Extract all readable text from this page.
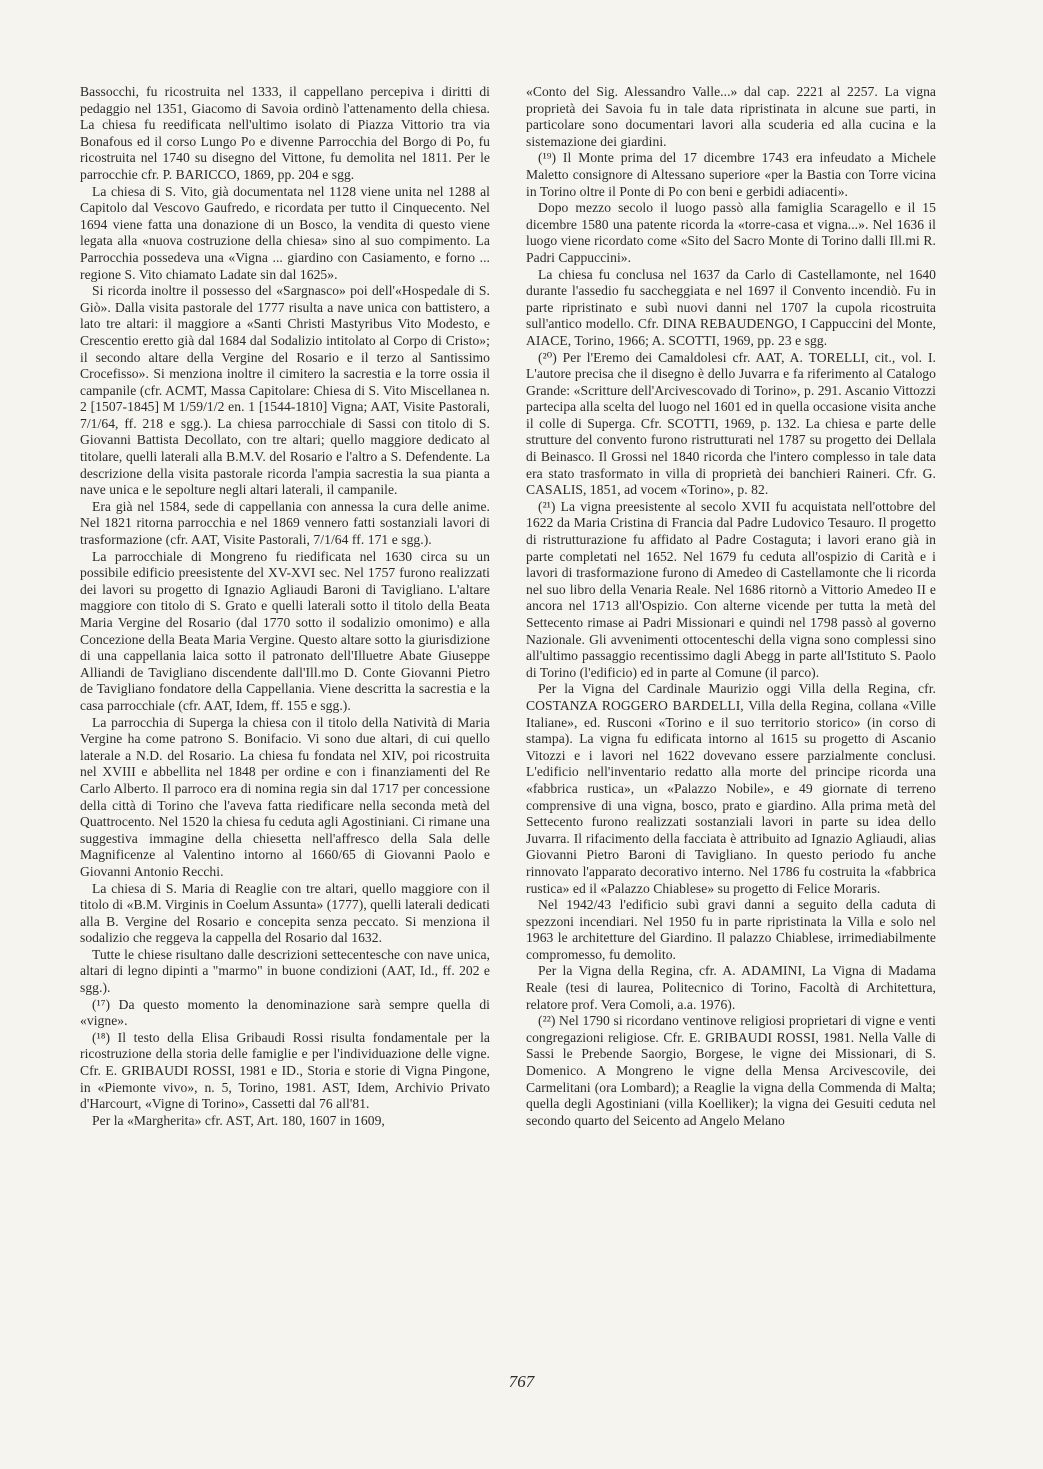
Bassocchi, fu ricostruita nel 1333, il cappellano percepiva i diritti di pedaggio nel 1351, Giacomo di Savoia ordinò l'attenamento della chiesa. La chiesa fu reedificata nell'ultimo isolato di Piazza Vittorio tra via Bonafous ed il corso Lungo Po e divenne Parrocchia del Borgo di Po, fu ricostruita nel 1740 su disegno del Vittone, fu demolita nel 1811. Per le parrocchie cfr. P. BARICCO, 1869, pp. 204 e sgg.

La chiesa di S. Vito, già documentata nel 1128 viene unita nel 1288 al Capitolo dal Vescovo Gaufredo, e ricordata per tutto il Cinquecento. Nel 1694 viene fatta una donazione di un Bosco, la vendita di questo viene legata alla «nuova costruzione della chiesa» sino al suo compimento. La Parrocchia possedeva una «Vigna ... giardino con Casiamento, e forno ... regione S. Vito chiamato Ladate sin dal 1625».

Si ricorda inoltre il possesso del «Sargnasco» poi dell'«Hospedale di S. Giò». Dalla visita pastorale del 1777 risulta a nave unica con battistero, a lato tre altari: il maggiore a «Santi Christi Mastyribus Vito Modesto, e Crescentio eretto già dal 1684 dal Sodalizio intitolato al Corpo di Cristo»; il secondo altare della Vergine del Rosario e il terzo al Santissimo Crocefisso». Si menziona inoltre il cimitero la sacrestia e la torre ossia il campanile (cfr. ACMT, Massa Capitolare: Chiesa di S. Vito Miscellanea n. 2 [1507-1845] M 1/59/1/2 en. 1 [1544-1810] Vigna; AAT, Visite Pastorali, 7/1/64, ff. 218 e sgg.). La chiesa parrocchiale di Sassi con titolo di S. Giovanni Battista Decollato, con tre altari; quello maggiore dedicato al titolare, quelli laterali alla B.M.V. del Rosario e l'altro a S. Defendente. La descrizione della visita pastorale ricorda l'ampia sacrestia la sua pianta a nave unica e le sepolture negli altari laterali, il campanile.

Era già nel 1584, sede di cappellania con annessa la cura delle anime. Nel 1821 ritorna parrocchia e nel 1869 vennero fatti sostanziali lavori di trasformazione (cfr. AAT, Visite Pastorali, 7/1/64 ff. 171 e sgg.).

La parrocchiale di Mongreno fu riedificata nel 1630 circa su un possibile edificio preesistente del XV-XVI sec. Nel 1757 furono realizzati dei lavori su progetto di Ignazio Agliaudi Baroni di Tavigliano. L'altare maggiore con titolo di S. Grato e quelli laterali sotto il titolo della Beata Maria Vergine del Rosario (dal 1770 sotto il sodalizio omonimo) e alla Concezione della Beata Maria Vergine. Questo altare sotto la giurisdizione di una cappellania laica sotto il patronato dell'Illuetre Abate Giuseppe Alliandi de Tavigliano discendente dall'Ill.mo D. Conte Giovanni Pietro de Tavigliano fondatore della Cappellania. Viene descritta la sacrestia e la casa parrocchiale (cfr. AAT, Idem, ff. 155 e sgg.).

La parrocchia di Superga la chiesa con il titolo della Natività di Maria Vergine ha come patrono S. Bonifacio. Vi sono due altari, di cui quello laterale a N.D. del Rosario. La chiesa fu fondata nel XIV, poi ricostruita nel XVIII e abbellita nel 1848 per ordine e con i finanziamenti del Re Carlo Alberto. Il parroco era di nomina regia sin dal 1717 per concessione della città di Torino che l'aveva fatta riedificare nella seconda metà del Quattrocento. Nel 1520 la chiesa fu ceduta agli Agostiniani. Ci rimane una suggestiva immagine della chiesetta nell'affresco della Sala delle Magnificenze al Valentino intorno al 1660/65 di Giovanni Paolo e Giovanni Antonio Recchi.

La chiesa di S. Maria di Reaglie con tre altari, quello maggiore con il titolo di «B.M. Virginis in Coelum Assunta» (1777), quelli laterali dedicati alla B. Vergine del Rosario e concepita senza peccato. Si menziona il sodalizio che reggeva la cappella del Rosario dal 1632.

Tutte le chiese risultano dalle descrizioni settecentesche con nave unica, altari di legno dipinti a "marmo" in buone condizioni (AAT, Id., ff. 202 e sgg.).

(¹⁷) Da questo momento la denominazione sarà sempre quella di «vigne».

(¹⁸) Il testo della Elisa Gribaudi Rossi risulta fondamentale per la ricostruzione della storia delle famiglie e per l'individuazione delle vigne. Cfr. E. GRIBAUDI ROSSI, 1981 e ID., Storia e storie di Vigna Pingone, in «Piemonte vivo», n. 5, Torino, 1981. AST, Idem, Archivio Privato d'Harcourt, «Vigne di Torino», Cassetti dal 76 all'81.

Per la «Margherita» cfr. AST, Art. 180, 1607 in 1609,

«Conto del Sig. Alessandro Valle...» dal cap. 2221 al 2257. La vigna proprietà dei Savoia fu in tale data ripristinata in alcune sue parti, in particolare sono documentari lavori alla scuderia ed alla cucina e la sistemazione dei giardini.

(¹⁹) Il Monte prima del 17 dicembre 1743 era infeudato a Michele Maletto consignore di Altessano superiore «per la Bastia con Torre vicina in Torino oltre il Ponte di Po con beni e gerbidi adiacenti».

Dopo mezzo secolo il luogo passò alla famiglia Scaragello e il 15 dicembre 1580 una patente ricorda la «torre-casa et vigna...». Nel 1636 il luogo viene ricordato come «Sito del Sacro Monte di Torino dalli Ill.mi R. Padri Cappuccini».

La chiesa fu conclusa nel 1637 da Carlo di Castellamonte, nel 1640 durante l'assedio fu saccheggiata e nel 1697 il Convento incendiò. Fu in parte ripristinato e subì nuovi danni nel 1707 la cupola ricostruita sull'antico modello. Cfr. DINA REBAUDENGO, I Cappuccini del Monte, AIACE, Torino, 1966; A. SCOTTI, 1969, pp. 23 e sgg.

(²⁰) Per l'Eremo dei Camaldolesi cfr. AAT, A. TORELLI, cit., vol. I. L'autore precisa che il disegno è dello Juvarra e fa riferimento al Catalogo Grande: «Scritture dell'Arcivescovado di Torino», p. 291. Ascanio Vittozzi partecipa alla scelta del luogo nel 1601 ed in quella occasione visita anche il colle di Superga. Cfr. SCOTTI, 1969, p. 132. La chiesa e parte delle strutture del convento furono ristrutturati nel 1787 su progetto dei Dellala di Beinasco. Il Grossi nel 1840 ricorda che l'intero complesso in tale data era stato trasformato in villa di proprietà dei banchieri Raineri. Cfr. G. CASALIS, 1851, ad vocem «Torino», p. 82.

(²¹) La vigna preesistente al secolo XVII fu acquistata nell'ottobre del 1622 da Maria Cristina di Francia dal Padre Ludovico Tesauro. Il progetto di ristrutturazione fu affidato al Padre Costaguta; i lavori erano già in parte completati nel 1652. Nel 1679 fu ceduta all'ospizio di Carità e i lavori di trasformazione furono di Amedeo di Castellamonte che li ricorda nel suo libro della Venaria Reale. Nel 1686 ritornò a Vittorio Amedeo II e ancora nel 1713 all'Ospizio. Con alterne vicende per tutta la metà del Settecento rimase ai Padri Missionari e quindi nel 1798 passò al governo Nazionale. Gli avvenimenti ottocenteschi della vigna sono complessi sino all'ultimo passaggio recentissimo dagli Abegg in parte all'Istituto S. Paolo di Torino (l'edificio) ed in parte al Comune (il parco).

Per la Vigna del Cardinale Maurizio oggi Villa della Regina, cfr. COSTANZA ROGGERO BARDELLI, Villa della Regina, collana «Ville Italiane», ed. Rusconi «Torino e il suo territorio storico» (in corso di stampa). La vigna fu edificata intorno al 1615 su progetto di Ascanio Vitozzi e i lavori nel 1622 dovevano essere parzialmente conclusi. L'edificio nell'inventario redatto alla morte del principe ricorda una «fabbrica rustica», un «Palazzo Nobile», e 49 giornate di terreno comprensive di una vigna, bosco, prato e giardino. Alla prima metà del Settecento furono realizzati sostanziali lavori in parte su idea dello Juvarra. Il rifacimento della facciata è attribuito ad Ignazio Agliaudi, alias Giovanni Pietro Baroni di Tavigliano. In questo periodo fu anche rinnovato l'apparato decorativo interno. Nel 1786 fu costruita la «fabbrica rustica» ed il «Palazzo Chiablese» su progetto di Felice Moraris.

Nel 1942/43 l'edificio subì gravi danni a seguito della caduta di spezzoni incendiari. Nel 1950 fu in parte ripristinata la Villa e solo nel 1963 le architetture del Giardino. Il palazzo Chiablese, irrimediabilmente compromesso, fu demolito.

Per la Vigna della Regina, cfr. A. ADAMINI, La Vigna di Madama Reale (tesi di laurea, Politecnico di Torino, Facoltà di Architettura, relatore prof. Vera Comoli, a.a. 1976).

(²²) Nel 1790 si ricordano ventinove religiosi proprietari di vigne e venti congregazioni religiose. Cfr. E. GRIBAUDI ROSSI, 1981. Nella Valle di Sassi le Prebende Saorgio, Borgese, le vigne dei Missionari, di S. Domenico. A Mongreno le vigne della Mensa Arcivescovile, dei Carmelitani (ora Lombard); a Reaglie la vigna della Commenda di Malta; quella degli Agostiniani (villa Koelliker); la vigna dei Gesuiti ceduta nel secondo quarto del Seicento ad Angelo Melano

767
